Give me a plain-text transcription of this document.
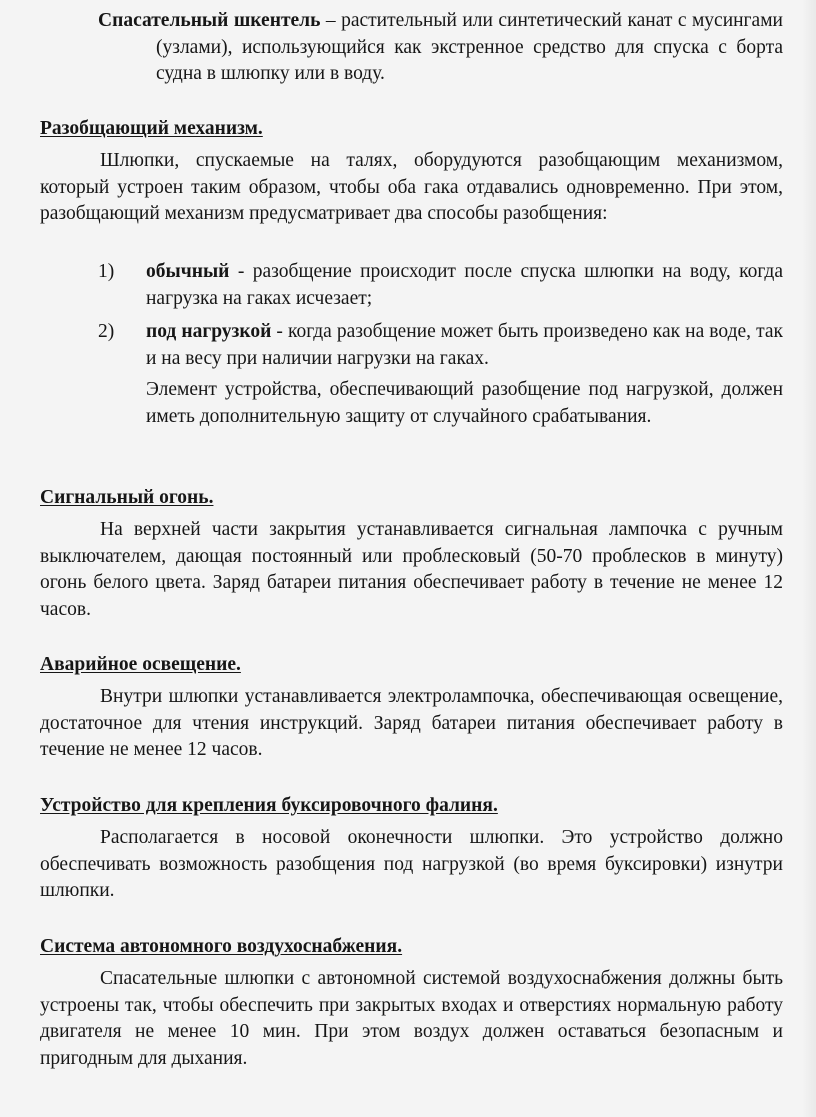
Спасательный шкентель – растительный или синтетический канат с мусингами (узлами), использующийся как экстренное средство для спуска с борта судна в шлюпку или в воду.

Разобщающий механизм.

Шлюпки, спускаемые на талях, оборудуются разобщающим механизмом, который устроен таким образом, чтобы оба гака отдавались одновременно. При этом, разобщающий механизм предусматривает два способы разобщения:

1) обычный - разобщение происходит после спуска шлюпки на воду, когда нагрузка на гаках исчезает;

2) под нагрузкой - когда разобщение может быть произведено как на воде, так и на весу при наличии нагрузки на гаках.

Элемент устройства, обеспечивающий разобщение под нагрузкой, должен иметь дополнительную защиту от случайного срабатывания.

Сигнальный огонь.

На верхней части закрытия устанавливается сигнальная лампочка с ручным выключателем, дающая постоянный или проблесковый (50-70 проблесков в минуту) огонь белого цвета. Заряд батареи питания обеспечивает работу в течение не менее 12 часов.

Аварийное освещение.

Внутри шлюпки устанавливается электролампочка, обеспечивающая освещение, достаточное для чтения инструкций. Заряд батареи питания обеспечивает работу в течение не менее 12 часов.

Устройство для крепления буксировочного фалиня.

Располагается в носовой оконечности шлюпки. Это устройство должно обеспечивать возможность разобщения под нагрузкой (во время буксировки) изнутри шлюпки.

Система автономного воздухоснабжения.

Спасательные шлюпки с автономной системой воздухоснабжения должны быть устроены так, чтобы обеспечить при закрытых входах и отверстиях нормальную работу двигателя не менее 10 мин. При этом воздух должен оставаться безопасным и пригодным для дыхания.
